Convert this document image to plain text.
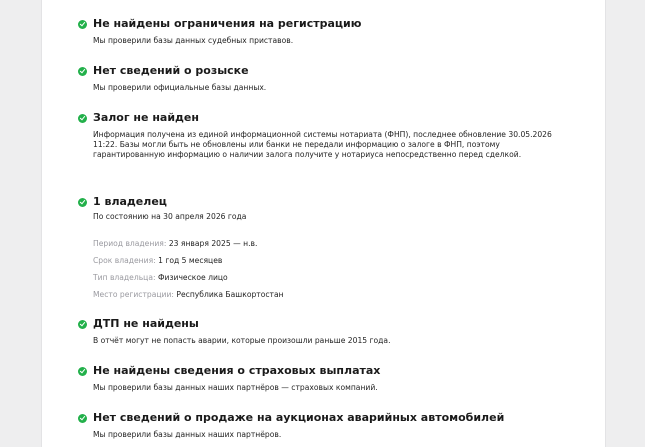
Не найдены ограничения на регистрацию
Мы проверили базы данных судебных приставов.
Нет сведений о розыске
Мы проверили официальные базы данных.
Залог не найден
Информация получена из единой информационной системы нотариата (ФНП), последнее обновление 30.05.2026 11:22. Базы могли быть не обновлены или банки не передали информацию о залоге в ФНП, поэтому гарантированную информацию о наличии залога получите у нотариуса непосредственно перед сделкой.
1 владелец
По состоянию на 30 апреля 2026 года
Период владения: 23 января 2025 — н.в.
Срок владения: 1 год 5 месяцев
Тип владельца: Физическое лицо
Место регистрации: Республика Башкортостан
ДТП не найдены
В отчёт могут не попасть аварии, которые произошли раньше 2015 года.
Не найдены сведения о страховых выплатах
Мы проверили базы данных наших партнёров — страховых компаний.
Нет сведений о продаже на аукционах аварийных автомобилей
Мы проверили базы данных наших партнёров.
